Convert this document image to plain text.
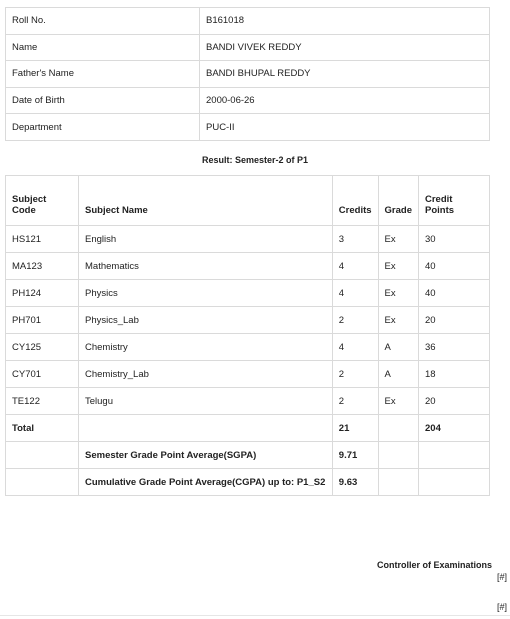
Roll No.	B161018
Name	BANDI VIVEK REDDY
Father's Name	BANDI BHUPAL REDDY
Date of Birth	2000-06-26
Department	PUC-II
Result: Semester-2 of P1
Subject Code	Subject Name	Credits	Grade	Credit Points
HS121	English	3	Ex	30
MA123	Mathematics	4	Ex	40
PH124	Physics	4	Ex	40
PH701	Physics_Lab	2	Ex	20
CY125	Chemistry	4	A	36
CY701	Chemistry_Lab	2	A	18
TE122	Telugu	2	Ex	20
Total		21		204
	Semester Grade Point Average(SGPA)	9.71		
	Cumulative Grade Point Average(CGPA) up to: P1_S2	9.63		
Controller of Examinations
[#]
[#]
